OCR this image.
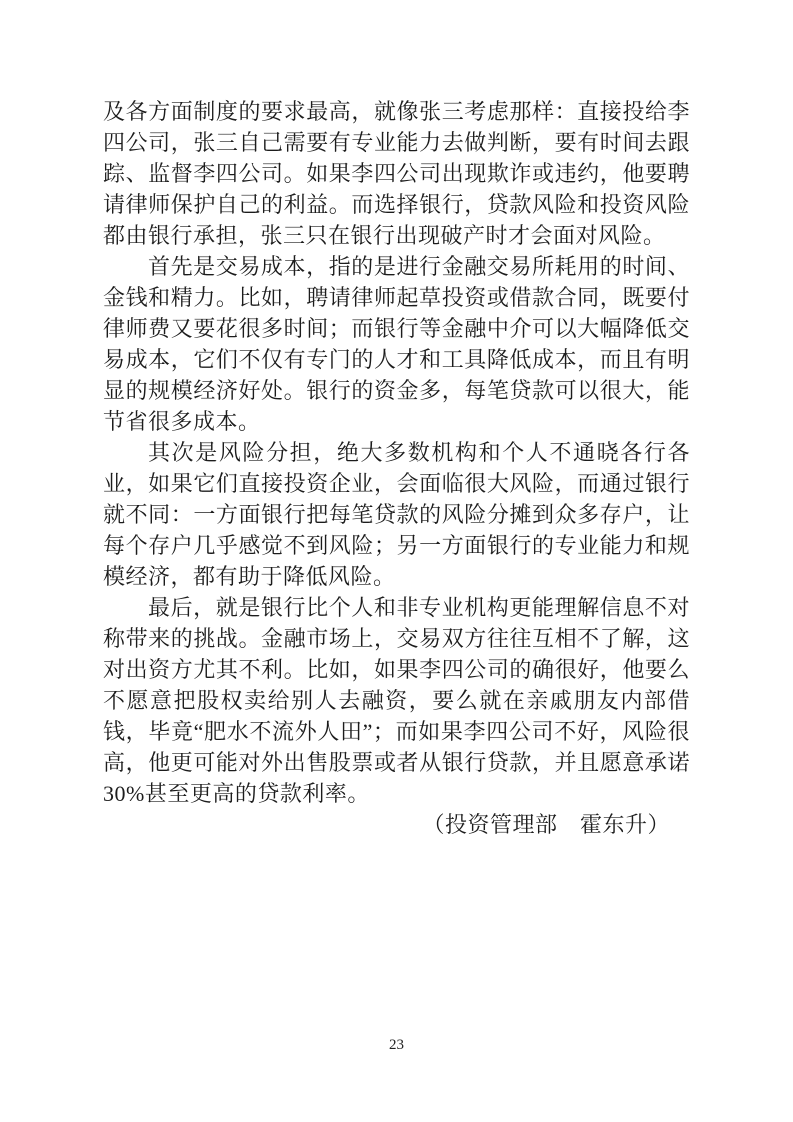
及各方面制度的要求最高，就像张三考虑那样：直接投给李四公司，张三自己需要有专业能力去做判断，要有时间去跟踪、监督李四公司。如果李四公司出现欺诈或违约，他要聘请律师保护自己的利益。而选择银行，贷款风险和投资风险都由银行承担，张三只在银行出现破产时才会面对风险。

首先是交易成本，指的是进行金融交易所耗用的时间、金钱和精力。比如，聘请律师起草投资或借款合同，既要付律师费又要花很多时间；而银行等金融中介可以大幅降低交易成本，它们不仅有专门的人才和工具降低成本，而且有明显的规模经济好处。银行的资金多，每笔贷款可以很大，能节省很多成本。

其次是风险分担，绝大多数机构和个人不通晓各行各业，如果它们直接投资企业，会面临很大风险，而通过银行就不同：一方面银行把每笔贷款的风险分摊到众多存户，让每个存户几乎感觉不到风险；另一方面银行的专业能力和规模经济，都有助于降低风险。

最后，就是银行比个人和非专业机构更能理解信息不对称带来的挑战。金融市场上，交易双方往往互相不了解，这对出资方尤其不利。比如，如果李四公司的确很好，他要么不愿意把股权卖给别人去融资，要么就在亲戚朋友内部借钱，毕竟“肥水不流外人田”；而如果李四公司不好，风险很高，他更可能对外出售股票或者从银行贷款，并且愿意承诺 30%甚至更高的贷款利率。

（投资管理部　霍东升）

23
